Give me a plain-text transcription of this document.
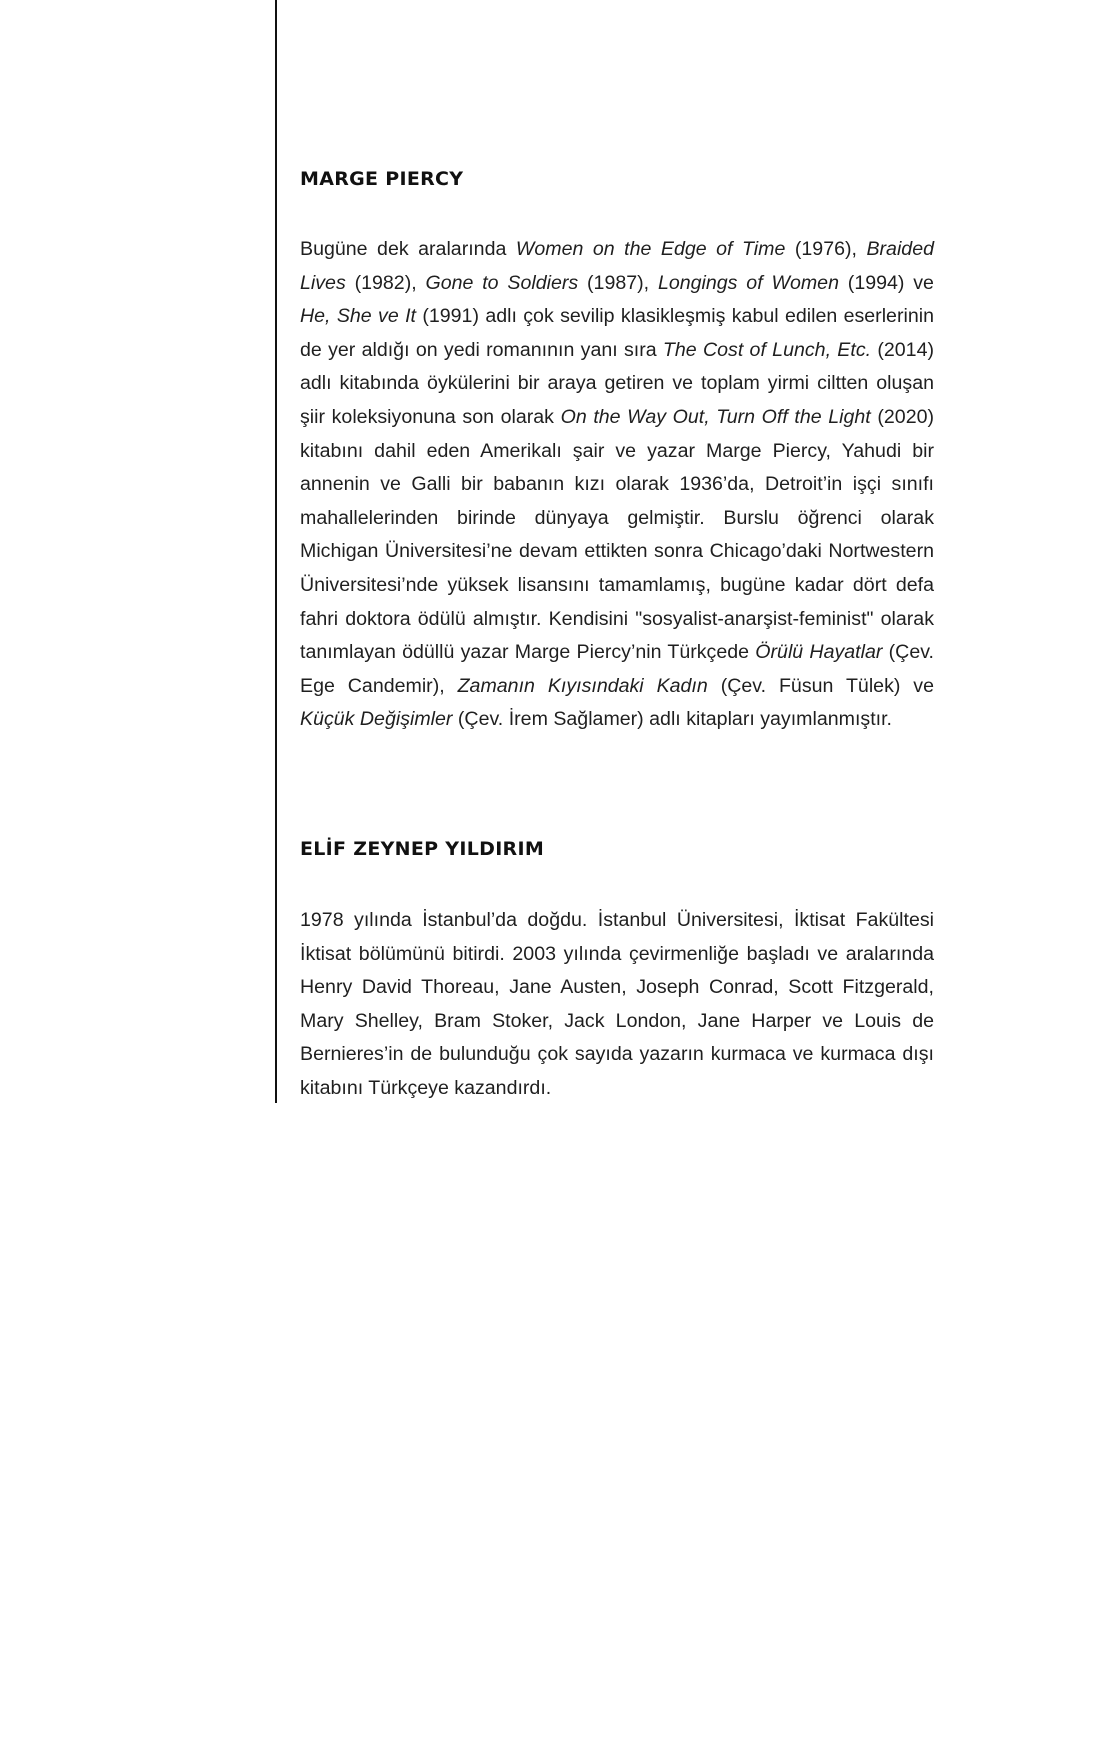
MARGE PIERCY

Bugüne dek aralarında Women on the Edge of Time (1976), Braided Lives (1982), Gone to Soldiers (1987), Longings of Women (1994) ve He, She ve It (1991) adlı çok sevilip klasikleşmiş kabul edilen eserlerinin de yer aldığı on yedi romanının yanı sıra The Cost of Lunch, Etc. (2014) adlı kitabında öykülerini bir araya getiren ve toplam yirmi ciltten oluşan şiir koleksiyonuna son olarak On the Way Out, Turn Off the Light (2020) kitabını dahil eden Amerikalı şair ve yazar Marge Piercy, Yahudi bir annenin ve Galli bir babanın kızı olarak 1936’da, Detroit’in işçi sınıfı mahallelerinden birinde dünyaya gelmiştir. Burslu öğrenci olarak Michigan Üniversitesi’ne devam ettikten sonra Chicago’daki Nortwestern Üniversitesi’nde yüksek lisansını tamamlamış, bugüne kadar dört defa fahri doktora ödülü almıştır. Kendisini "sosyalist-anarşist-feminist" olarak tanımlayan ödüllü yazar Marge Piercy’nin Türkçede Örülü Hayatlar (Çev. Ege Candemir), Zamanın Kıyısındaki Kadın (Çev. Füsun Tülek) ve Küçük Değişimler (Çev. İrem Sağlamer) adlı kitapları yayımlanmıştır.

ELİF ZEYNEP YILDIRIM

1978 yılında İstanbul’da doğdu. İstanbul Üniversitesi, İktisat Fakültesi İktisat bölümünü bitirdi. 2003 yılında çevirmenliğe başladı ve aralarında Henry David Thoreau, Jane Austen, Joseph Conrad, Scott Fitzgerald, Mary Shelley, Bram Stoker, Jack London, Jane Harper ve Louis de Bernieres’in de bulunduğu çok sayıda yazarın kurmaca ve kurmaca dışı kitabını Türkçeye kazandırdı.
